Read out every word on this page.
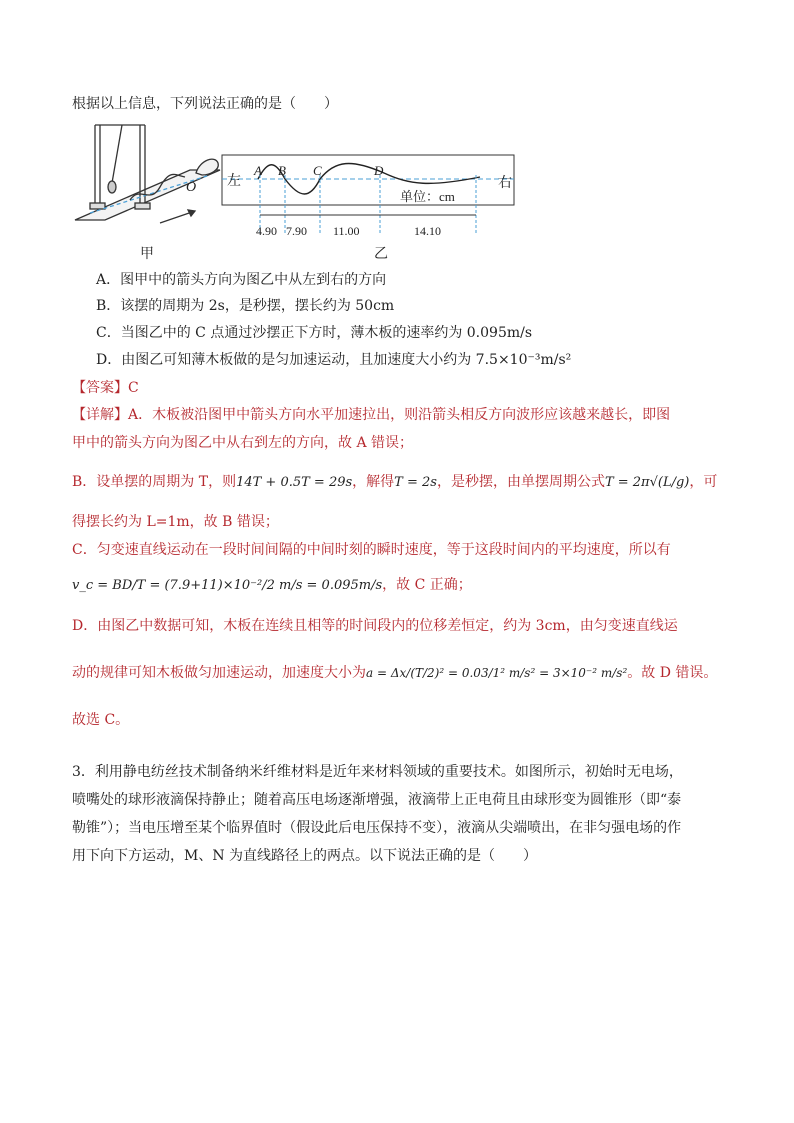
根据以上信息，下列说法正确的是（　　）
O
甲
左	右
A B C	D
单位：cm
4.90 7.90 11.00	14.10
乙
A．图甲中的箭头方向为图乙中从左到右的方向
B．该摆的周期为 2s，是秒摆，摆长约为 50cm
C．当图乙中的 C 点通过沙摆正下方时，薄木板的速率约为 0.095m/s
D．由图乙可知薄木板做的是匀加速运动，且加速度大小约为 7.5×10⁻³m/s²
【答案】C
【详解】A．木板被沿图甲中箭头方向水平加速拉出，则沿箭头相反方向波形应该越来越长，即图
甲中的箭头方向为图乙中从右到左的方向，故 A 错误；
B．设单摆的周期为 T，则14T + 0.5T = 29s，解得T = 2s，是秒摆，由单摆周期公式T = 2π√(L/g)，可
得摆长约为 L=1m，故 B 错误；
C．匀变速直线运动在一段时间间隔的中间时刻的瞬时速度，等于这段时间内的平均速度，所以有
v_c = BD/T = (7.9+11)×10⁻²/2 m/s = 0.095m/s，故 C 正确；
D．由图乙中数据可知，木板在连续且相等的时间段内的位移差恒定，约为 3cm，由匀变速直线运
动的规律可知木板做匀加速运动，加速度大小为a = Δx/(T/2)² = 0.03/1² m/s² = 3×10⁻² m/s²。故 D 错误。
故选 C。
3．利用静电纺丝技术制备纳米纤维材料是近年来材料领域的重要技术。如图所示，初始时无电场，
喷嘴处的球形液滴保持静止；随着高压电场逐渐增强，液滴带上正电荷且由球形变为圆锥形（即“泰
勒锥”）；当电压增至某个临界值时（假设此后电压保持不变），液滴从尖端喷出，在非匀强电场的作
用下向下方运动，M、N 为直线路径上的两点。以下说法正确的是（　　）
